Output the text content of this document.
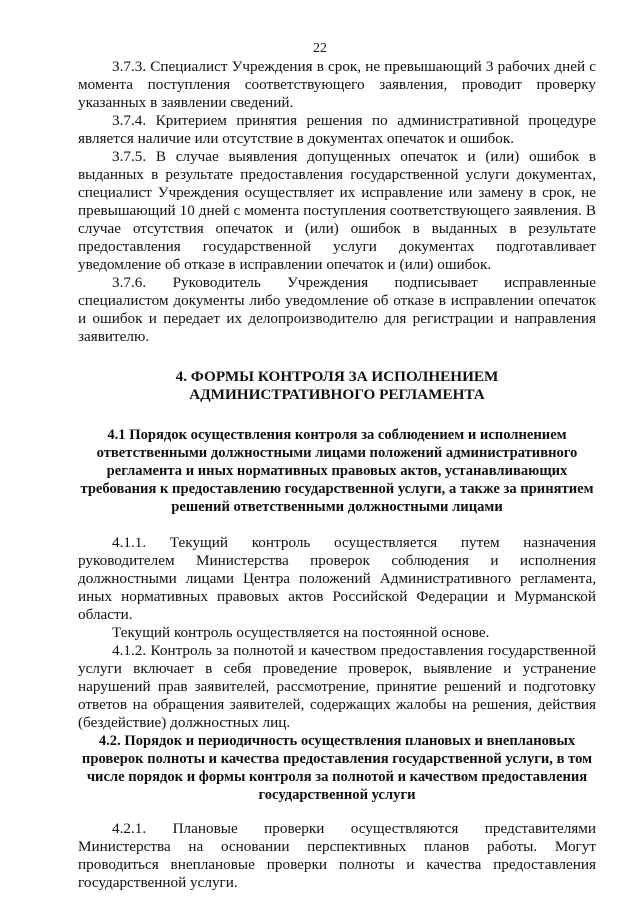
22

3.7.3. Специалист Учреждения в срок, не превышающий 3 рабочих дней с момента поступления соответствующего заявления, проводит проверку указанных в заявлении сведений.

3.7.4. Критерием принятия решения по административной процедуре является наличие или отсутствие в документах опечаток и ошибок.

3.7.5. В случае выявления допущенных опечаток и (или) ошибок в выданных в результате предоставления государственной услуги документах, специалист Учреждения осуществляет их исправление или замену в срок, не превышающий 10 дней с момента поступления соответствующего заявления. В случае отсутствия опечаток и (или) ошибок в выданных в результате предоставления государственной услуги документах подготавливает уведомление об отказе в исправлении опечаток и (или) ошибок.

3.7.6. Руководитель Учреждения подписывает исправленные специалистом документы либо уведомление об отказе в исправлении опечаток и ошибок и передает их делопроизводителю для регистрации и направления заявителю.

4. ФОРМЫ КОНТРОЛЯ ЗА ИСПОЛНЕНИЕМ
АДМИНИСТРАТИВНОГО РЕГЛАМЕНТА

4.1 Порядок осуществления контроля за соблюдением и исполнением ответственными должностными лицами положений административного регламента и иных нормативных правовых актов, устанавливающих требования к предоставлению государственной услуги, а также за принятием решений ответственными должностными лицами

4.1.1. Текущий контроль осуществляется путем назначения руководителем Министерства проверок соблюдения и исполнения должностными лицами Центра положений Административного регламента, иных нормативных правовых актов Российской Федерации и Мурманской области.

Текущий контроль осуществляется на постоянной основе.

4.1.2. Контроль за полнотой и качеством предоставления государственной услуги включает в себя проведение проверок, выявление и устранение нарушений прав заявителей, рассмотрение, принятие решений и подготовку ответов на обращения заявителей, содержащих жалобы на решения, действия (бездействие) должностных лиц.

4.2. Порядок и периодичность осуществления плановых и внеплановых проверок полноты и качества предоставления государственной услуги, в том числе порядок и формы контроля за полнотой и качеством предоставления государственной услуги

4.2.1. Плановые проверки осуществляются представителями Министерства на основании перспективных планов работы. Могут проводиться внеплановые проверки полноты и качества предоставления государственной услуги.
